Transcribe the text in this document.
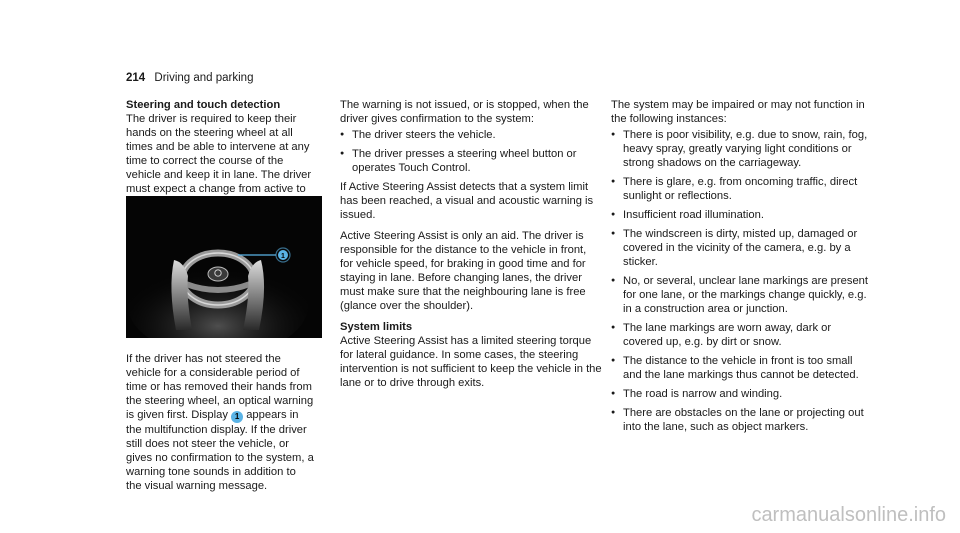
214 Driving and parking
Steering and touch detection

The driver is required to keep their hands on the steering wheel at all times and be able to intervene at any time to correct the course of the vehicle and keep it in lane. The driver must expect a change from active to

1

If the driver has not steered the vehicle for a considerable period of time or has removed their hands from the steering wheel, an optical warning is given first. Display 1 appears in the multifunction display. If the driver still does not steer the vehicle, or gives no confirmation to the system, a warning tone sounds in addition to the visual warning message.

The warning is not issued, or is stopped, when the driver gives confirmation to the system:

● The driver steers the vehicle.
● The driver presses a steering wheel button or operates Touch Control.

If Active Steering Assist detects that a system limit has been reached, a visual and acoustic warning is issued.

Active Steering Assist is only an aid. The driver is responsible for the distance to the vehicle in front, for vehicle speed, for braking in good time and for staying in lane. Before changing lanes, the driver must make sure that the neighbouring lane is free (glance over the shoulder).

System limits

Active Steering Assist has a limited steering torque for lateral guidance. In some cases, the steering intervention is not sufficient to keep the vehicle in the lane or to drive through exits.

The system may be impaired or may not function in the following instances:

● There is poor visibility, e.g. due to snow, rain, fog, heavy spray, greatly varying light conditions or strong shadows on the carriageway.
● There is glare, e.g. from oncoming traffic, direct sunlight or reflections.
● Insufficient road illumination.
● The windscreen is dirty, misted up, damaged or covered in the vicinity of the camera, e.g. by a sticker.
● No, or several, unclear lane markings are present for one lane, or the markings change quickly, e.g. in a construction area or junction.
● The lane markings are worn away, dark or covered up, e.g. by dirt or snow.
● The distance to the vehicle in front is too small and the lane markings thus cannot be detected.
● The road is narrow and winding.
● There are obstacles on the lane or projecting out into the lane, such as object markers.
carmanualsonline.info
